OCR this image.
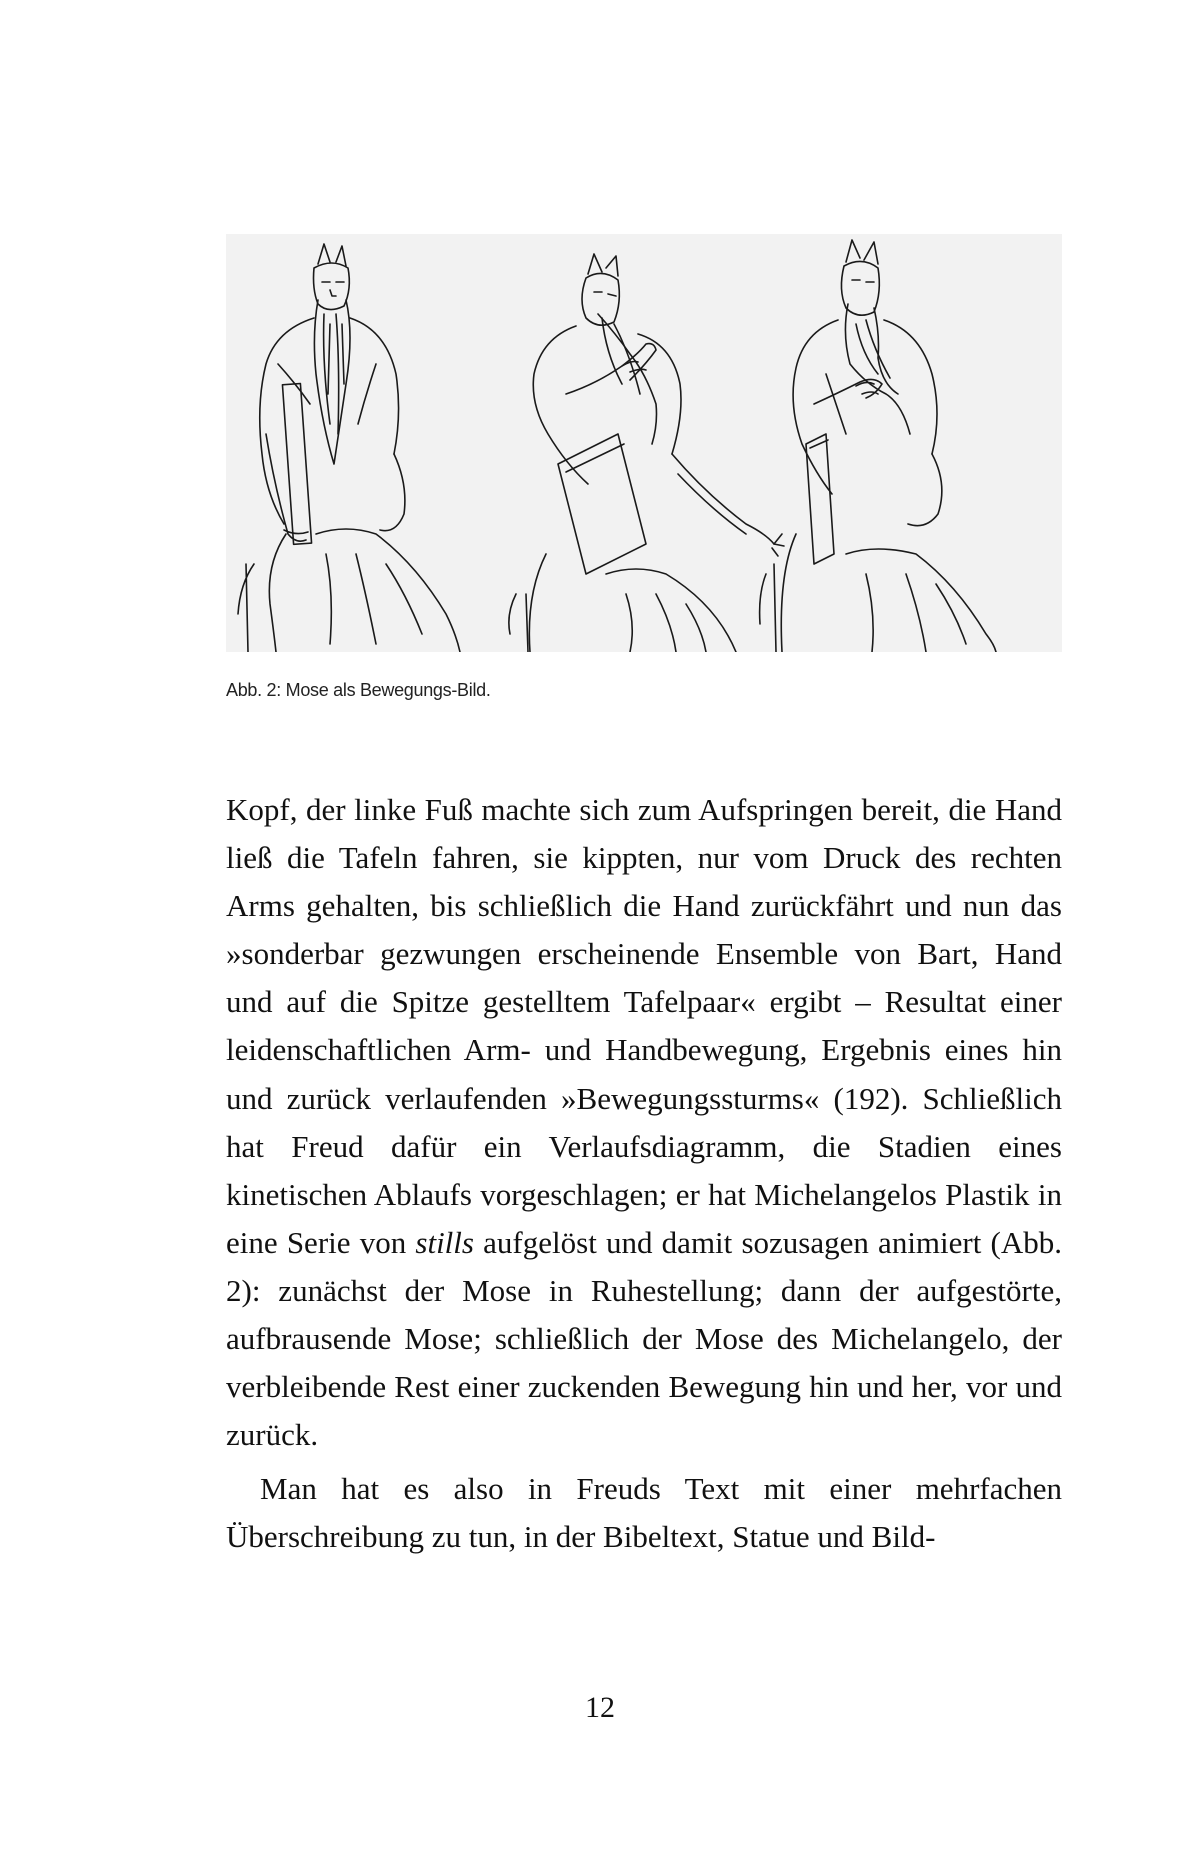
Abb. 2: Mose als Bewegungs-Bild.

Kopf, der linke Fuß machte sich zum Aufspringen bereit, die Hand ließ die Tafeln fahren, sie kippten, nur vom Druck des rechten Arms gehalten, bis schließlich die Hand zurückfährt und nun das »sonderbar gezwungen erscheinende Ensemble von Bart, Hand und auf die Spitze gestelltem Tafelpaar« ergibt – Resultat einer leidenschaftlichen Arm- und Handbewegung, Ergebnis eines hin und zurück verlaufenden »Bewegungssturms« (192). Schließlich hat Freud dafür ein Verlaufsdiagramm, die Stadien eines kinetischen Ablaufs vorgeschlagen; er hat Michelangelos Plastik in eine Serie von stills aufgelöst und damit sozusagen animiert (Abb. 2): zunächst der Mose in Ruhestellung; dann der aufgestörte, aufbrausende Mose; schließlich der Mose des Michelangelo, der verbleibende Rest einer zuckenden Bewegung hin und her, vor und zurück.

Man hat es also in Freuds Text mit einer mehrfachen Überschreibung zu tun, in der Bibeltext, Statue und Bild-

12
